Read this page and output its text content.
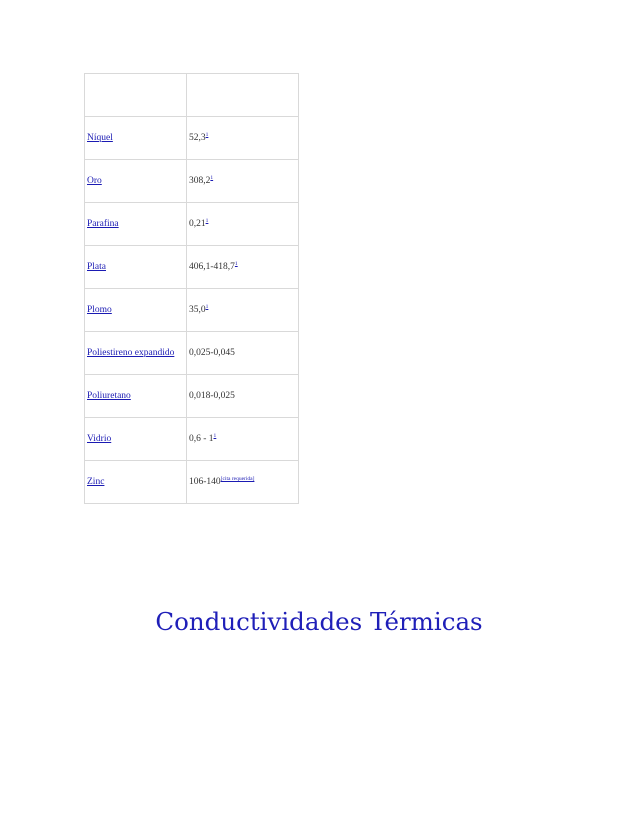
Níquel	52,3$^1$
Oro	308,2$^1$
Parafina	0,21$^1$
Plata	406,1-418,7$^1$
Plomo	35,0$^1$
Poliestireno expandido	0,025-0,045
Poliuretano	0,018-0,025
Vidrio	$0,6 - 1^1$
Zinc	106-140[cita requerida]
Conductividades Térmicas
